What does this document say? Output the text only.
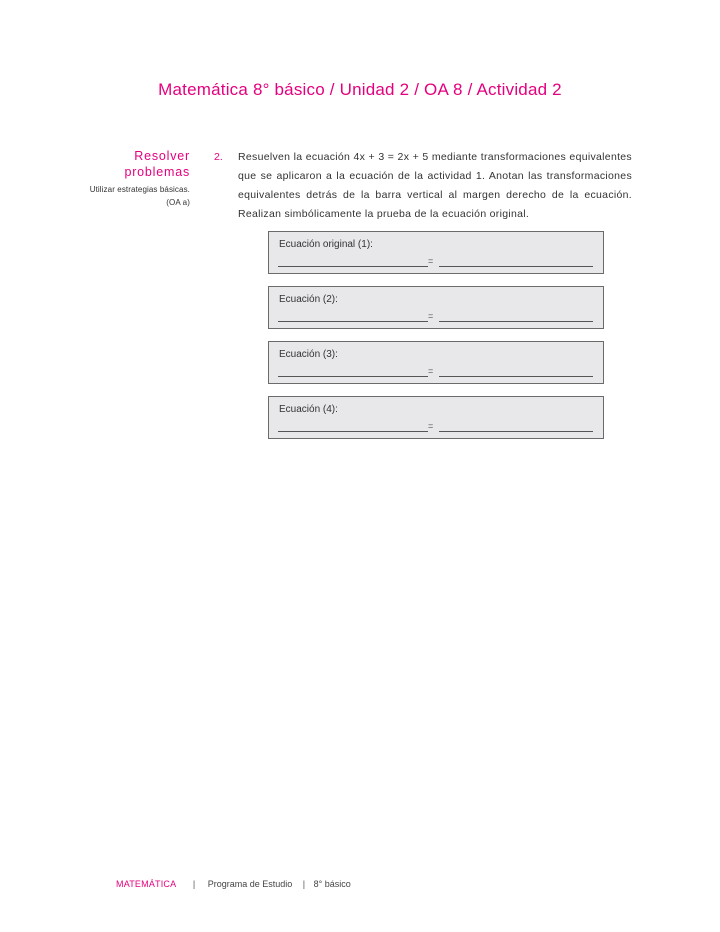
Matemática 8° básico / Unidad 2 / OA 8 / Actividad 2
Resolver
problemas
Utilizar estrategias básicas.
(OA a)
2. Resuelven la ecuación 4x + 3 = 2x + 5 mediante transformaciones equivalentes que se aplicaron a la ecuación de la actividad 1. Anotan las transformaciones equivalentes detrás de la barra vertical al margen derecho de la ecuación. Realizan simbólicamente la prueba de la ecuación original.
Ecuación original (1):
=
Ecuación (2):
=
Ecuación (3):
=
Ecuación (4):
=
MATEMÁTICA | Programa de Estudio | 8° básico
